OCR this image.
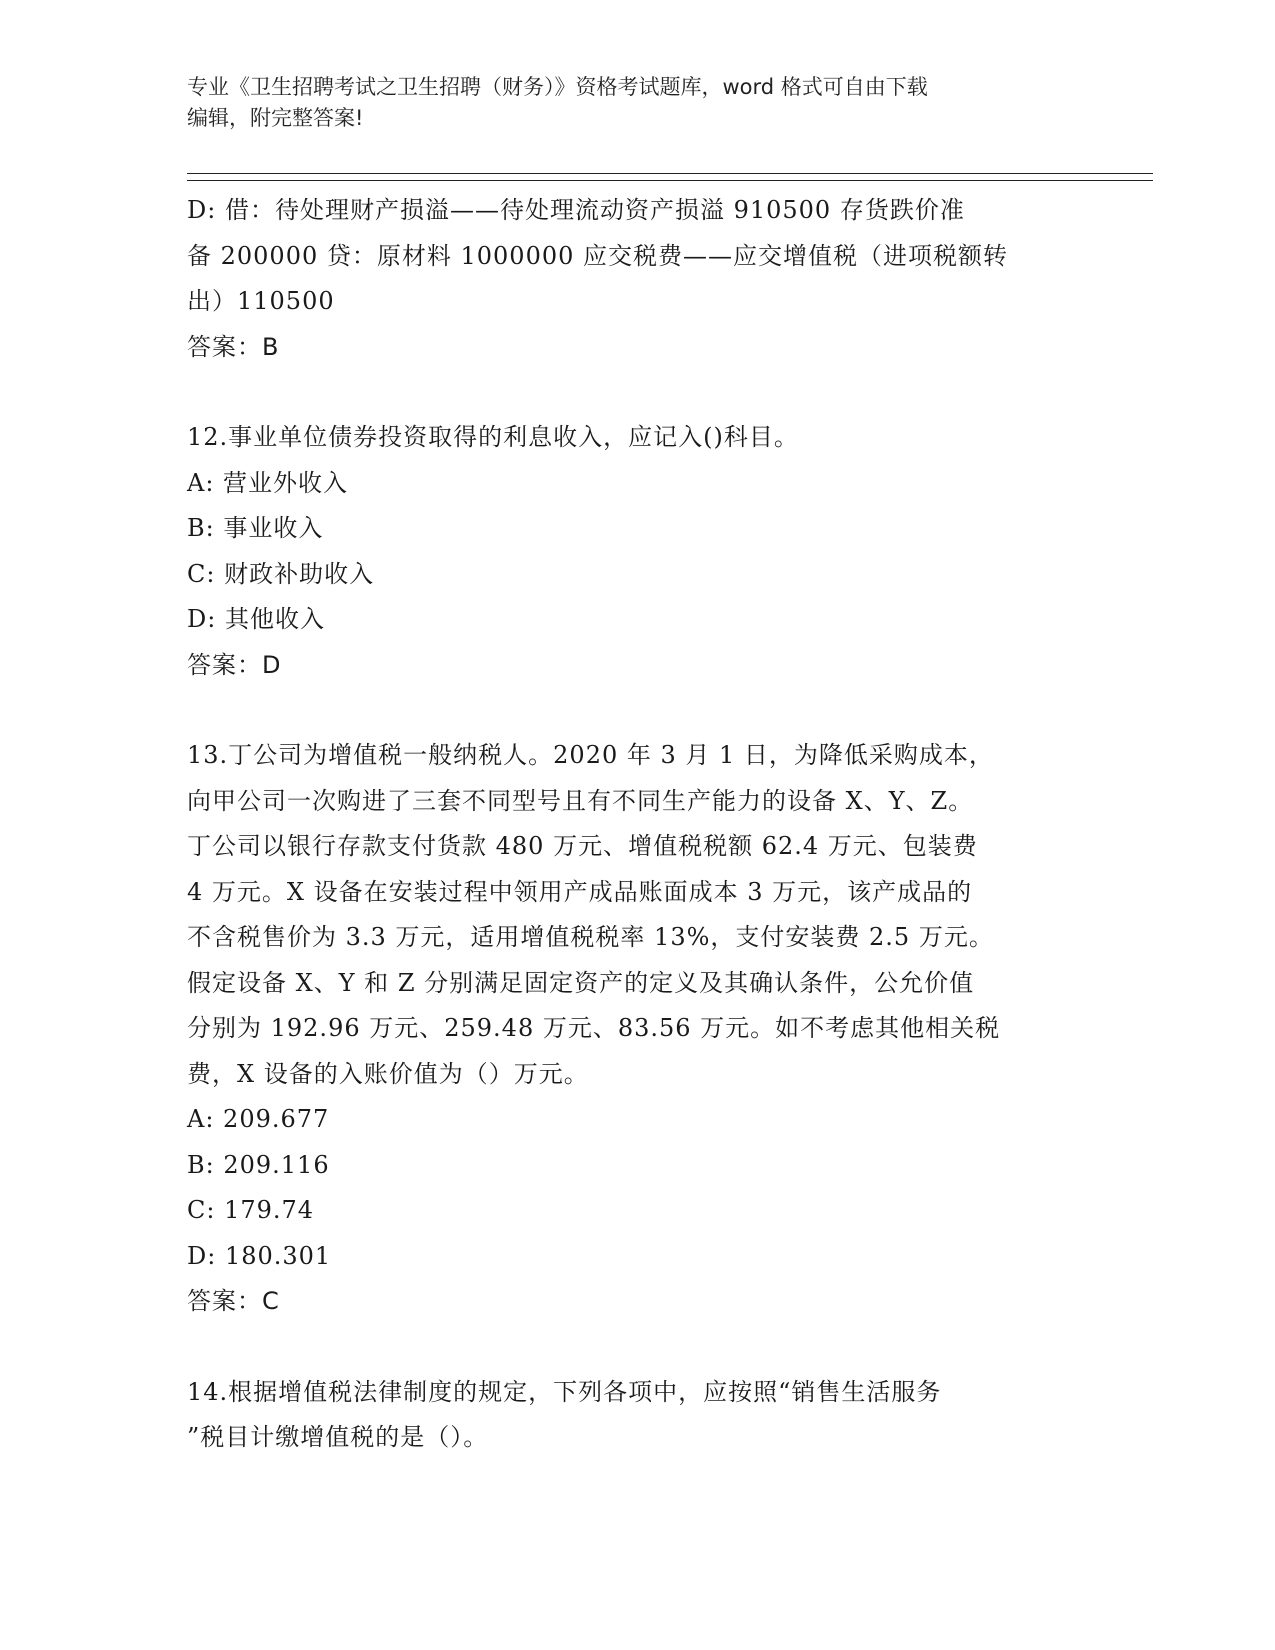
专业《卫生招聘考试之卫生招聘（财务）》资格考试题库，word 格式可自由下载
编辑，附完整答案!

D: 借：待处理财产损溢——待处理流动资产损溢 910500 存货跌价准

备 200000 贷：原材料 1000000 应交税费——应交增值税（进项税额转

出）110500

答案：B

12.事业单位债券投资取得的利息收入，应记入()科目。

A: 营业外收入

B: 事业收入

C: 财政补助收入

D: 其他收入

答案：D

13.丁公司为增值税一般纳税人。2020 年 3 月 1 日，为降低采购成本，

向甲公司一次购进了三套不同型号且有不同生产能力的设备 X、Y、Z。

丁公司以银行存款支付货款 480 万元、增值税税额 62.4 万元、包装费

4 万元。X 设备在安装过程中领用产成品账面成本 3 万元，该产成品的

不含税售价为 3.3 万元，适用增值税税率 13%，支付安装费 2.5 万元。

假定设备 X、Y 和 Z 分别满足固定资产的定义及其确认条件，公允价值

分别为 192.96 万元、259.48 万元、83.56 万元。如不考虑其他相关税

费，X 设备的入账价值为（）万元。

A: 209.677

B: 209.116

C: 179.74

D: 180.301

答案：C

14.根据增值税法律制度的规定，下列各项中，应按照“销售生活服务

”税目计缴增值税的是（）。
